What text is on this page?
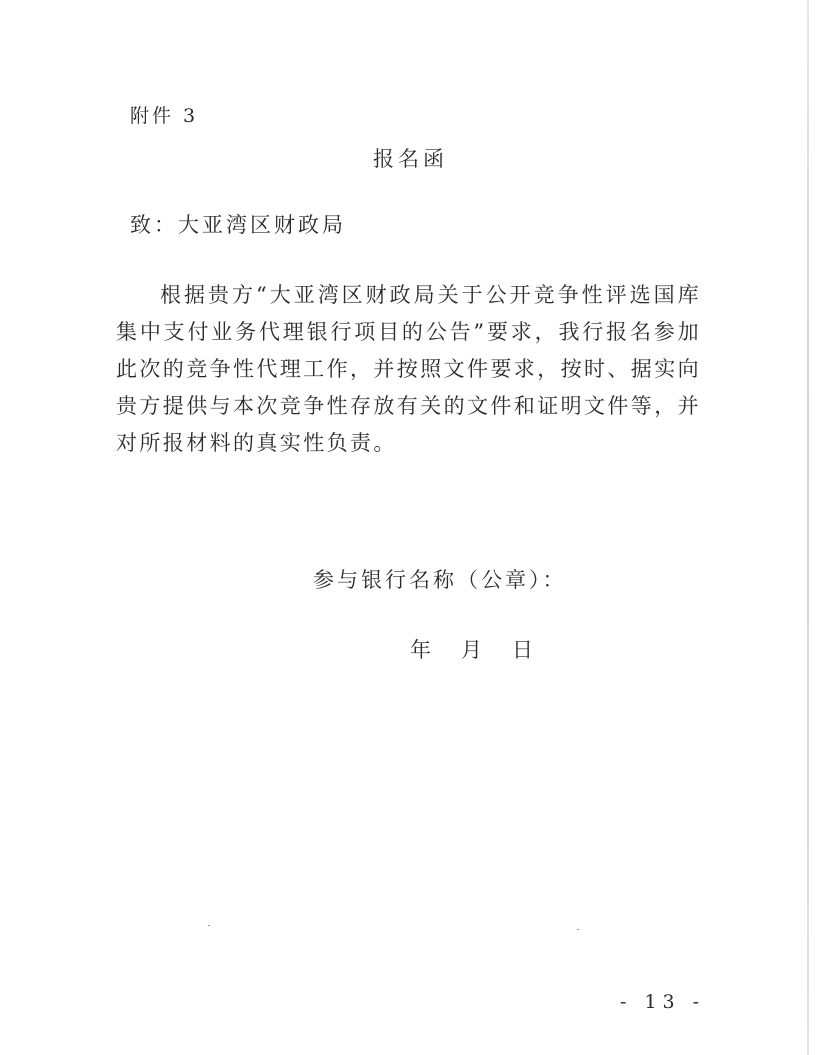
附件 3
报名函
致：大亚湾区财政局

根据贵方“大亚湾区财政局关于公开竞争性评选国库集中支付业务代理银行项目的公告”要求，我行报名参加此次的竞争性代理工作，并按照文件要求，按时、据实向贵方提供与本次竞争性存放有关的文件和证明文件等，并对所报材料的真实性负责。

参与银行名称（公章）：
年 月 日
- 13 -
